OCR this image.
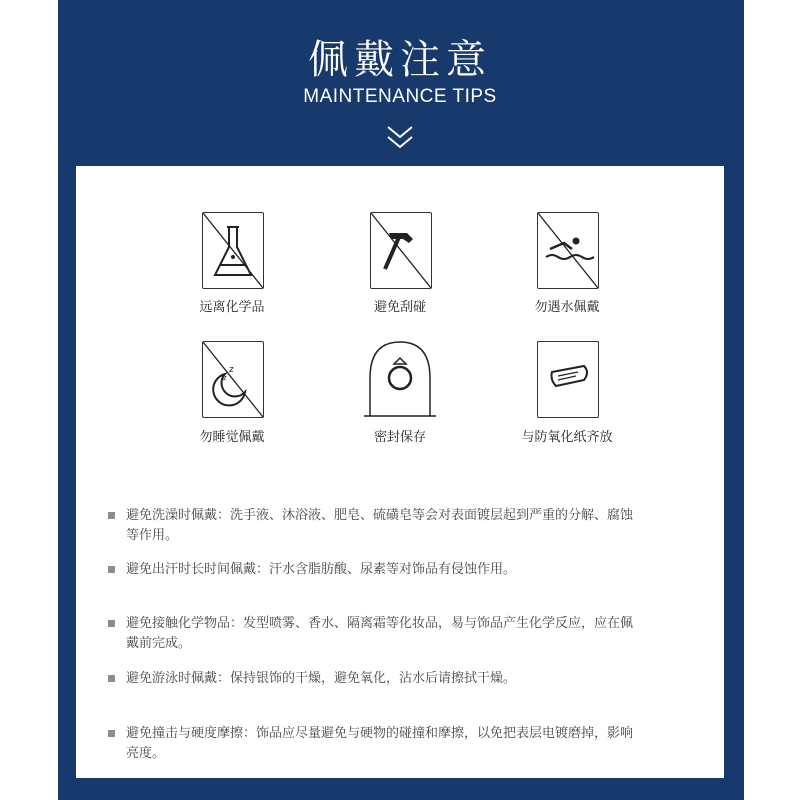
佩戴注意
MAINTENANCE TIPS
远离化学品	避免刮碰	勿遇水佩戴
z
z
勿睡觉佩戴	密封保存	与防氧化纸齐放
避免洗澡时佩戴：洗手液、沐浴液、肥皂、硫磺皂等会对表面镀层起到严重的分解、腐蚀
等作用。
避免出汗时长时间佩戴：汗水含脂肪酸、尿素等对饰品有侵蚀作用。
避免接触化学物品：发型喷雾、香水、隔离霜等化妆品，易与饰品产生化学反应，应在佩
戴前完成。
避免游泳时佩戴：保持银饰的干燥，避免氧化，沾水后请擦拭干燥。
避免撞击与硬度摩擦：饰品应尽量避免与硬物的碰撞和摩擦，以免把表层电镀磨掉，影响
亮度。
